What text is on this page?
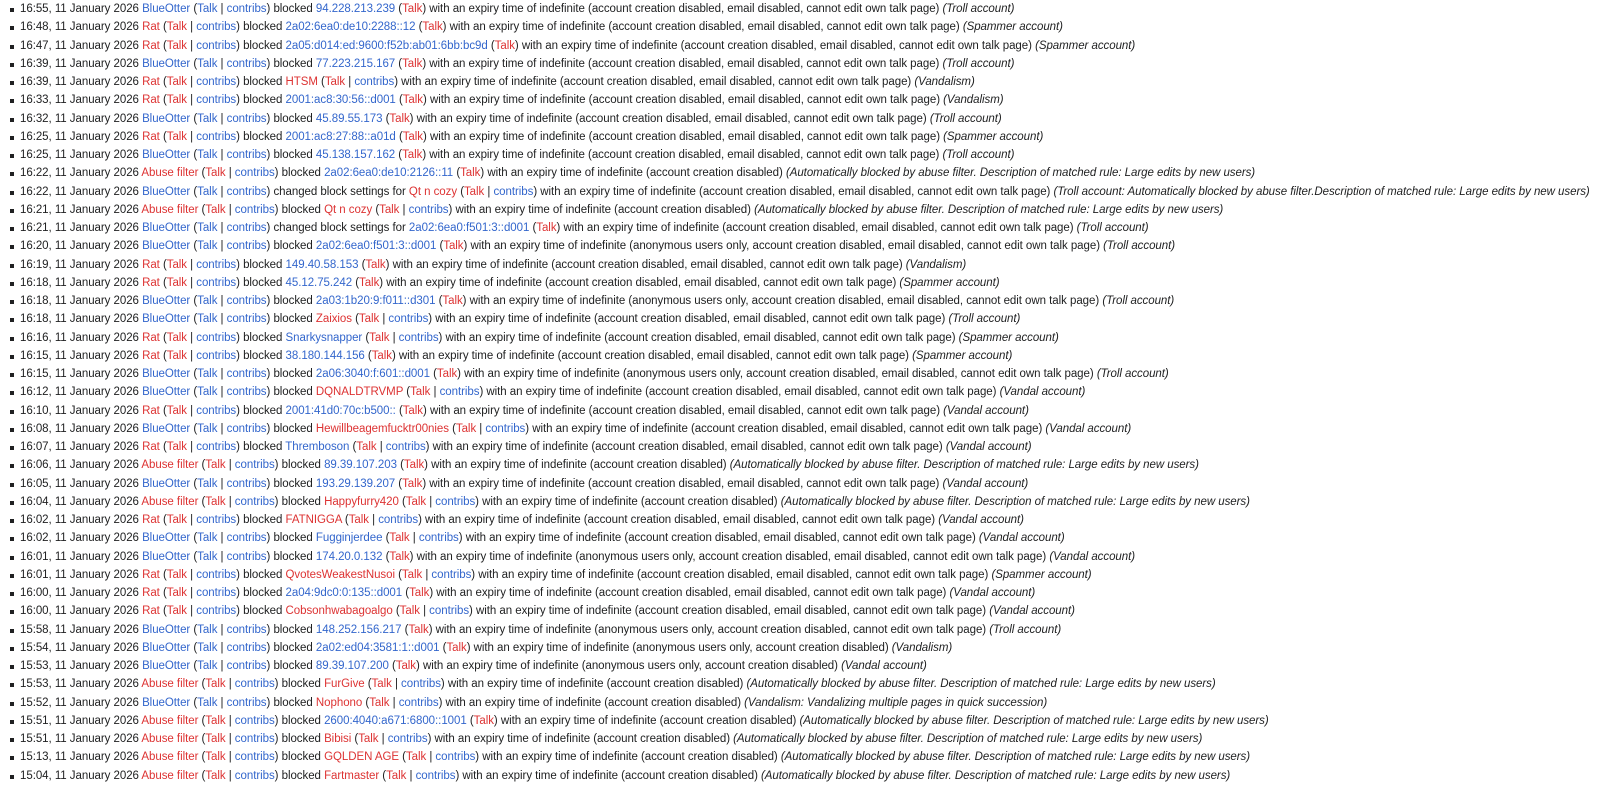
16:55, 11 January 2026 BlueOtter (Talk | contribs) blocked 94.228.213.239 (Talk) with an expiry time of indefinite (account creation disabled, email disabled, cannot edit own talk page) (Troll account)
16:48, 11 January 2026 Rat (Talk | contribs) blocked 2a02:6ea0:de10:2288::12 (Talk) with an expiry time of indefinite (account creation disabled, email disabled, cannot edit own talk page) (Spammer account)
16:47, 11 January 2026 Rat (Talk | contribs) blocked 2a05:d014:ed:9600:f52b:ab01:6bb:bc9d (Talk) with an expiry time of indefinite (account creation disabled, email disabled, cannot edit own talk page) (Spammer account)
16:39, 11 January 2026 BlueOtter (Talk | contribs) blocked 77.223.215.167 (Talk) with an expiry time of indefinite (account creation disabled, email disabled, cannot edit own talk page) (Troll account)
16:39, 11 January 2026 Rat (Talk | contribs) blocked HTSM (Talk | contribs) with an expiry time of indefinite (account creation disabled, email disabled, cannot edit own talk page) (Vandalism)
16:33, 11 January 2026 Rat (Talk | contribs) blocked 2001:ac8:30:56::d001 (Talk) with an expiry time of indefinite (account creation disabled, email disabled, cannot edit own talk page) (Vandalism)
16:32, 11 January 2026 BlueOtter (Talk | contribs) blocked 45.89.55.173 (Talk) with an expiry time of indefinite (account creation disabled, email disabled, cannot edit own talk page) (Troll account)
16:25, 11 January 2026 Rat (Talk | contribs) blocked 2001:ac8:27:88::a01d (Talk) with an expiry time of indefinite (account creation disabled, email disabled, cannot edit own talk page) (Spammer account)
16:25, 11 January 2026 BlueOtter (Talk | contribs) blocked 45.138.157.162 (Talk) with an expiry time of indefinite (account creation disabled, email disabled, cannot edit own talk page) (Troll account)
16:22, 11 January 2026 Abuse filter (Talk | contribs) blocked 2a02:6ea0:de10:2126::11 (Talk) with an expiry time of indefinite (account creation disabled) (Automatically blocked by abuse filter. Description of matched rule: Large edits by new users)
16:22, 11 January 2026 BlueOtter (Talk | contribs) changed block settings for Qt n cozy (Talk | contribs) with an expiry time of indefinite (account creation disabled, email disabled, cannot edit own talk page) (Troll account: Automatically blocked by abuse filter.Description of matched rule: Large edits by new users)
16:21, 11 January 2026 Abuse filter (Talk | contribs) blocked Qt n cozy (Talk | contribs) with an expiry time of indefinite (account creation disabled) (Automatically blocked by abuse filter. Description of matched rule: Large edits by new users)
16:21, 11 January 2026 BlueOtter (Talk | contribs) changed block settings for 2a02:6ea0:f501:3::d001 (Talk) with an expiry time of indefinite (account creation disabled, email disabled, cannot edit own talk page) (Troll account)
16:20, 11 January 2026 BlueOtter (Talk | contribs) blocked 2a02:6ea0:f501:3::d001 (Talk) with an expiry time of indefinite (anonymous users only, account creation disabled, email disabled, cannot edit own talk page) (Troll account)
16:19, 11 January 2026 Rat (Talk | contribs) blocked 149.40.58.153 (Talk) with an expiry time of indefinite (account creation disabled, email disabled, cannot edit own talk page) (Vandalism)
16:18, 11 January 2026 Rat (Talk | contribs) blocked 45.12.75.242 (Talk) with an expiry time of indefinite (account creation disabled, email disabled, cannot edit own talk page) (Spammer account)
16:18, 11 January 2026 BlueOtter (Talk | contribs) blocked 2a03:1b20:9:f011::d301 (Talk) with an expiry time of indefinite (anonymous users only, account creation disabled, email disabled, cannot edit own talk page) (Troll account)
16:18, 11 January 2026 BlueOtter (Talk | contribs) blocked Zaixios (Talk | contribs) with an expiry time of indefinite (account creation disabled, email disabled, cannot edit own talk page) (Troll account)
16:16, 11 January 2026 Rat (Talk | contribs) blocked Snarkysnapper (Talk | contribs) with an expiry time of indefinite (account creation disabled, email disabled, cannot edit own talk page) (Spammer account)
16:15, 11 January 2026 Rat (Talk | contribs) blocked 38.180.144.156 (Talk) with an expiry time of indefinite (account creation disabled, email disabled, cannot edit own talk page) (Spammer account)
16:15, 11 January 2026 BlueOtter (Talk | contribs) blocked 2a06:3040:f:601::d001 (Talk) with an expiry time of indefinite (anonymous users only, account creation disabled, email disabled, cannot edit own talk page) (Troll account)
16:12, 11 January 2026 BlueOtter (Talk | contribs) blocked DQNALDTRVMP (Talk | contribs) with an expiry time of indefinite (account creation disabled, email disabled, cannot edit own talk page) (Vandal account)
16:10, 11 January 2026 Rat (Talk | contribs) blocked 2001:41d0:70c:b500:: (Talk) with an expiry time of indefinite (account creation disabled, email disabled, cannot edit own talk page) (Vandal account)
16:08, 11 January 2026 BlueOtter (Talk | contribs) blocked Hewillbeagemfucktr00nies (Talk | contribs) with an expiry time of indefinite (account creation disabled, email disabled, cannot edit own talk page) (Vandal account)
16:07, 11 January 2026 Rat (Talk | contribs) blocked Thremboson (Talk | contribs) with an expiry time of indefinite (account creation disabled, email disabled, cannot edit own talk page) (Vandal account)
16:06, 11 January 2026 Abuse filter (Talk | contribs) blocked 89.39.107.203 (Talk) with an expiry time of indefinite (account creation disabled) (Automatically blocked by abuse filter. Description of matched rule: Large edits by new users)
16:05, 11 January 2026 BlueOtter (Talk | contribs) blocked 193.29.139.207 (Talk) with an expiry time of indefinite (account creation disabled, email disabled, cannot edit own talk page) (Vandal account)
16:04, 11 January 2026 Abuse filter (Talk | contribs) blocked Happyfurry420 (Talk | contribs) with an expiry time of indefinite (account creation disabled) (Automatically blocked by abuse filter. Description of matched rule: Large edits by new users)
16:02, 11 January 2026 Rat (Talk | contribs) blocked FATNIGGA (Talk | contribs) with an expiry time of indefinite (account creation disabled, email disabled, cannot edit own talk page) (Vandal account)
16:02, 11 January 2026 BlueOtter (Talk | contribs) blocked Fugginjerdee (Talk | contribs) with an expiry time of indefinite (account creation disabled, email disabled, cannot edit own talk page) (Vandal account)
16:01, 11 January 2026 BlueOtter (Talk | contribs) blocked 174.20.0.132 (Talk) with an expiry time of indefinite (anonymous users only, account creation disabled, email disabled, cannot edit own talk page) (Vandal account)
16:01, 11 January 2026 Rat (Talk | contribs) blocked QvotesWeakestNusoi (Talk | contribs) with an expiry time of indefinite (account creation disabled, email disabled, cannot edit own talk page) (Spammer account)
16:00, 11 January 2026 Rat (Talk | contribs) blocked 2a04:9dc0:0:135::d001 (Talk) with an expiry time of indefinite (account creation disabled, email disabled, cannot edit own talk page) (Vandal account)
16:00, 11 January 2026 Rat (Talk | contribs) blocked Cobsonhwabagoalgo (Talk | contribs) with an expiry time of indefinite (account creation disabled, email disabled, cannot edit own talk page) (Vandal account)
15:58, 11 January 2026 BlueOtter (Talk | contribs) blocked 148.252.156.217 (Talk) with an expiry time of indefinite (anonymous users only, account creation disabled, cannot edit own talk page) (Troll account)
15:54, 11 January 2026 BlueOtter (Talk | contribs) blocked 2a02:ed04:3581:1::d001 (Talk) with an expiry time of indefinite (anonymous users only, account creation disabled) (Vandalism)
15:53, 11 January 2026 BlueOtter (Talk | contribs) blocked 89.39.107.200 (Talk) with an expiry time of indefinite (anonymous users only, account creation disabled) (Vandal account)
15:53, 11 January 2026 Abuse filter (Talk | contribs) blocked FurGive (Talk | contribs) with an expiry time of indefinite (account creation disabled) (Automatically blocked by abuse filter. Description of matched rule: Large edits by new users)
15:52, 11 January 2026 BlueOtter (Talk | contribs) blocked Nophono (Talk | contribs) with an expiry time of indefinite (account creation disabled) (Vandalism: Vandalizing multiple pages in quick succession)
15:51, 11 January 2026 Abuse filter (Talk | contribs) blocked 2600:4040:a671:6800::1001 (Talk) with an expiry time of indefinite (account creation disabled) (Automatically blocked by abuse filter. Description of matched rule: Large edits by new users)
15:51, 11 January 2026 Abuse filter (Talk | contribs) blocked Bibisi (Talk | contribs) with an expiry time of indefinite (account creation disabled) (Automatically blocked by abuse filter. Description of matched rule: Large edits by new users)
15:13, 11 January 2026 Abuse filter (Talk | contribs) blocked GQLDEN AGE (Talk | contribs) with an expiry time of indefinite (account creation disabled) (Automatically blocked by abuse filter. Description of matched rule: Large edits by new users)
15:04, 11 January 2026 Abuse filter (Talk | contribs) blocked Fartmaster (Talk | contribs) with an expiry time of indefinite (account creation disabled) (Automatically blocked by abuse filter. Description of matched rule: Large edits by new users)
